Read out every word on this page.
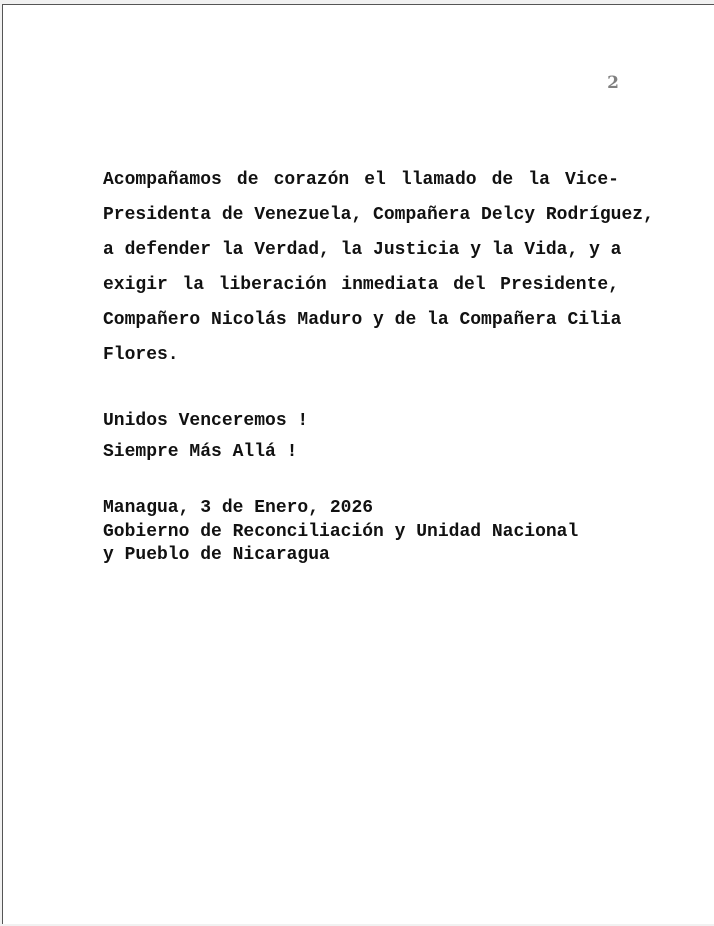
2
Acompañamos de corazón el llamado de la Vice-
Presidenta de Venezuela, Compañera Delcy Rodríguez,
a defender la Verdad, la Justicia y la Vida, y a
exigir la liberación inmediata del Presidente,
Compañero Nicolás Maduro y de la Compañera Cilia
Flores.
Unidos Venceremos !
Siempre Más Allá !
Managua, 3 de Enero, 2026
Gobierno de Reconciliación y Unidad Nacional
y Pueblo de Nicaragua
